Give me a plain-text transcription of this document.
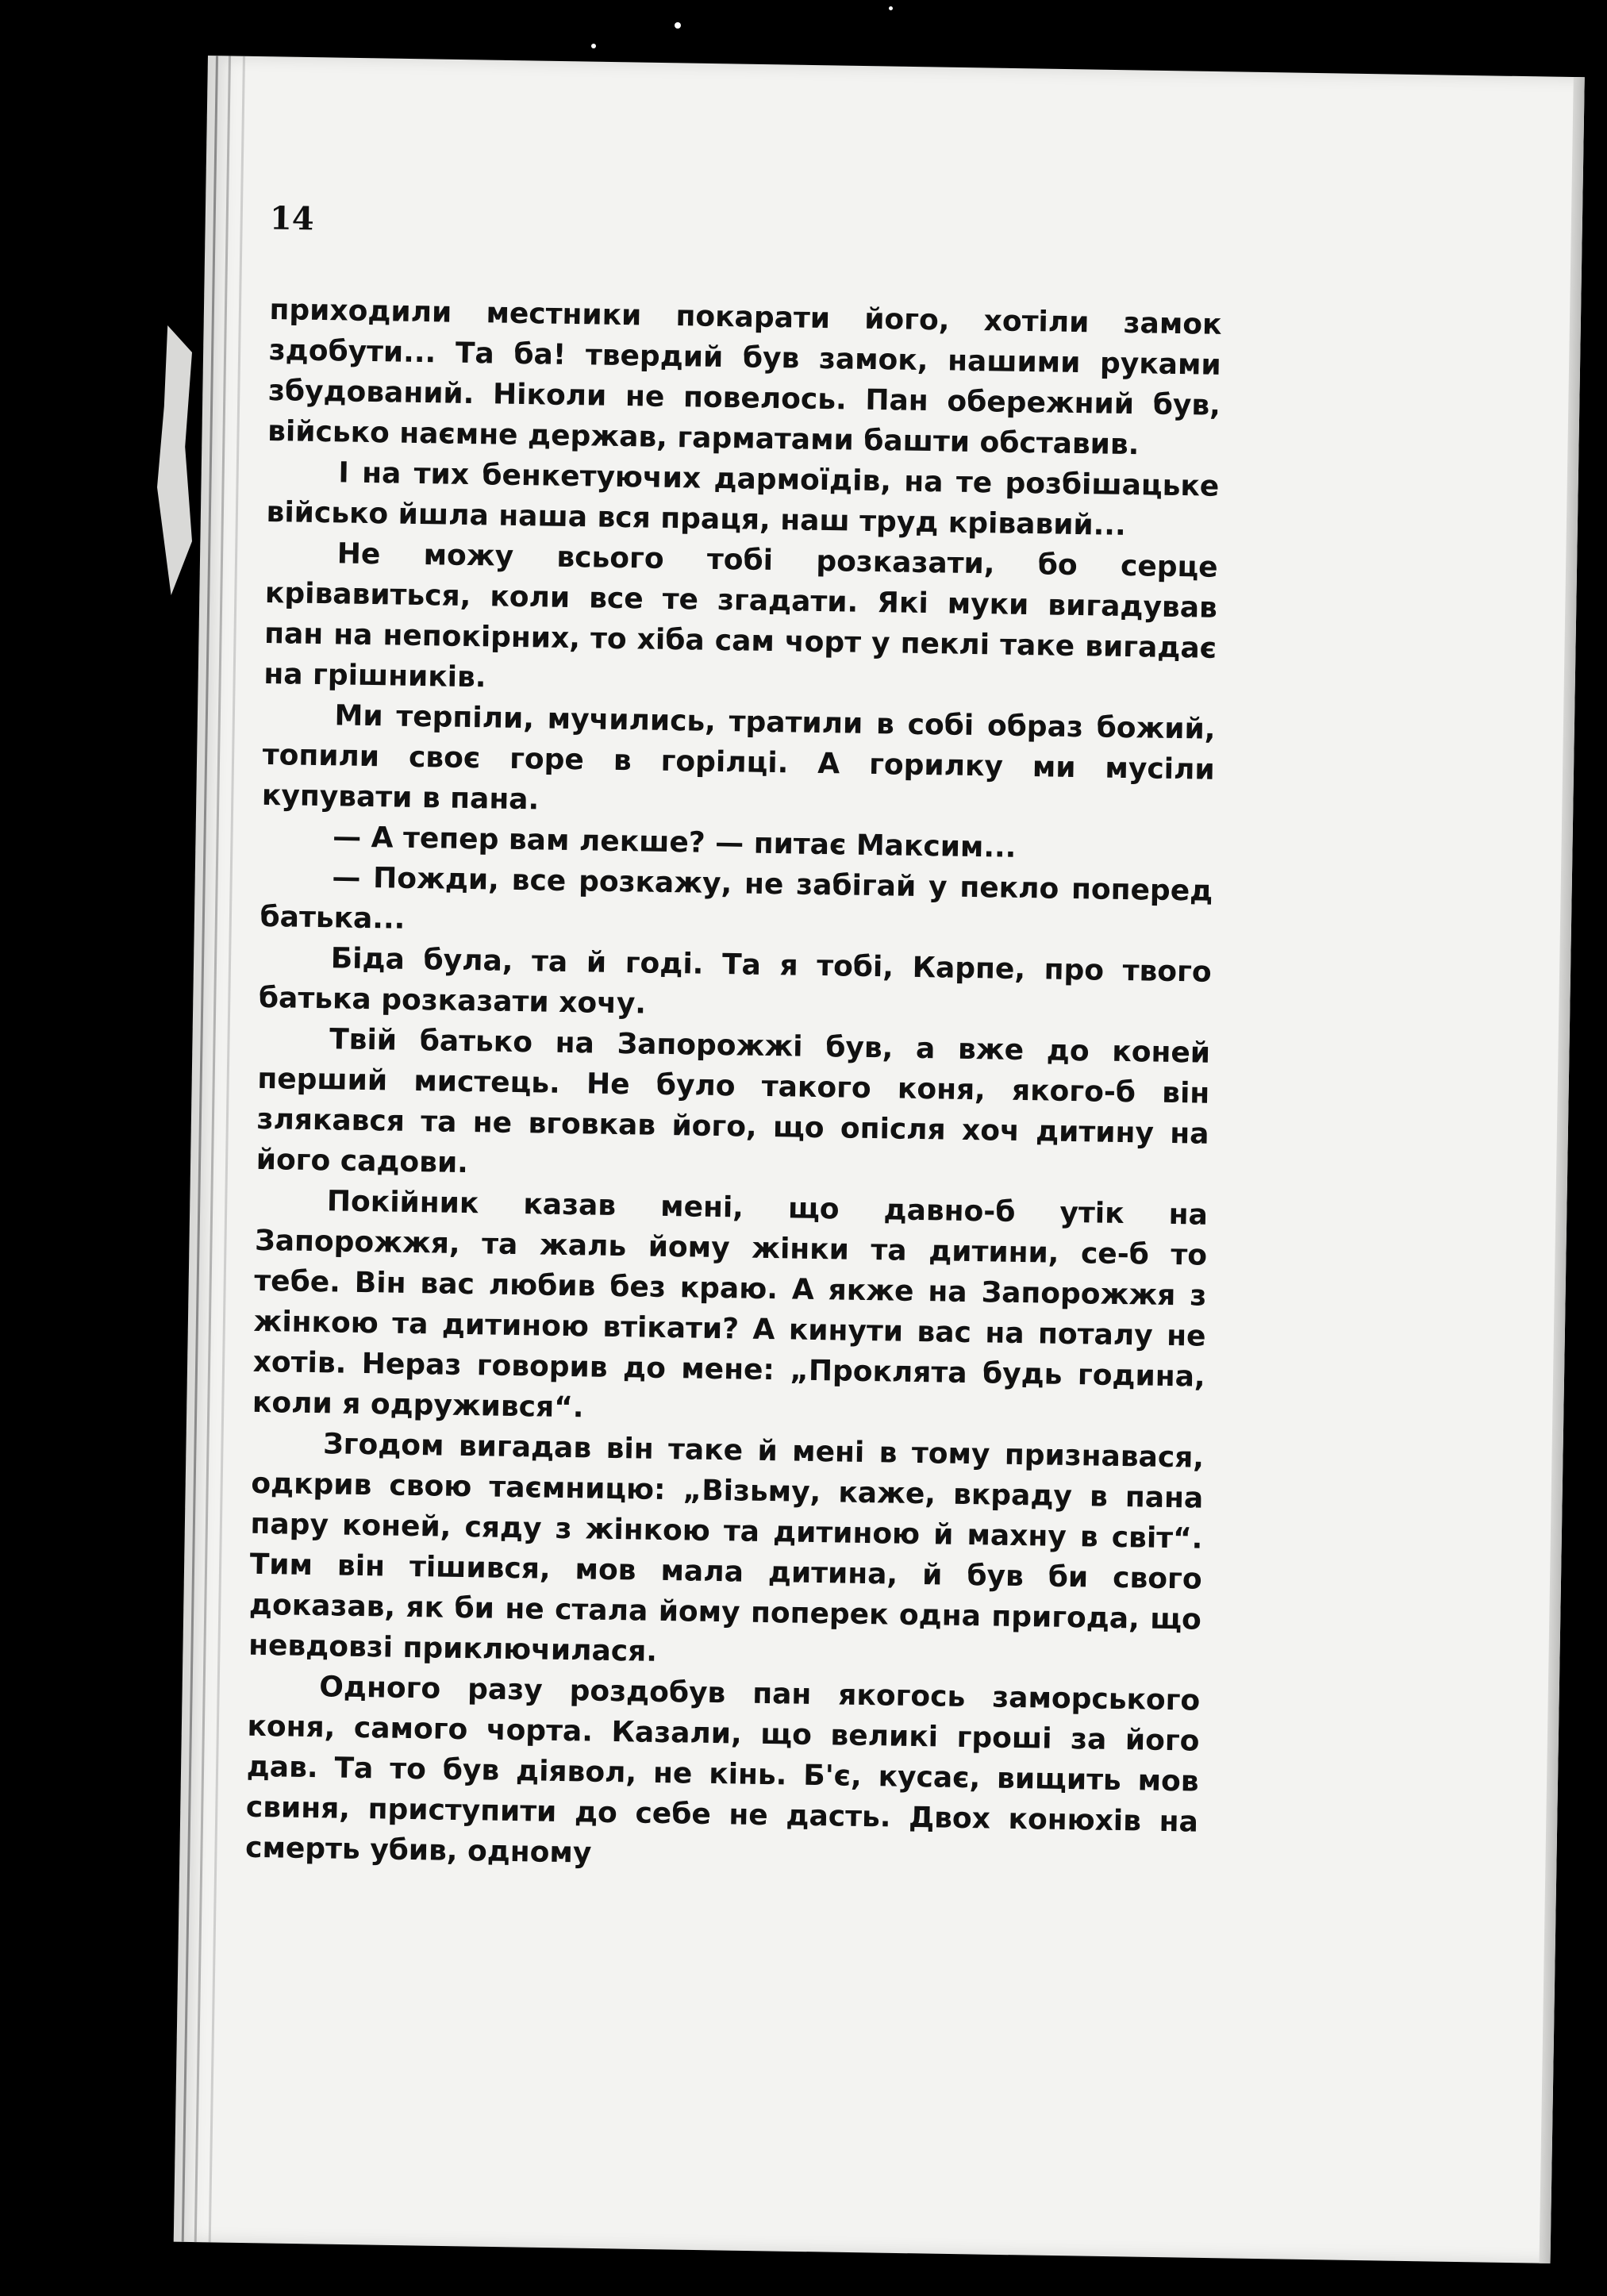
14

приходили местники покарати його, хотіли замок здобути... Та ба! твердий був замок, нашими руками збудований. Ніколи не повелось. Пан обережний був, військо наємне держав, гарматами башти обставив.

І на тих бенкетуючих дармоїдів, на те розбішацьке військо йшла наша вся праця, наш труд крівавий...

Не можу всього тобі розказати, бо серце крівавиться, коли все те згадати. Які муки вигадував пан на непокірних, то хіба сам чорт у пеклі таке вигадає на грішників.

Ми терпіли, мучились, тратили в собі образ божий, топили своє горе в горілці. А горилку ми мусіли купувати в пана.

— А тепер вам лекше? — питає Максим...

— Пожди, все розкажу, не забігай у пекло поперед батька...

Біда була, та й годі. Та я тобі, Карпе, про твого батька розказати хочу.

Твій батько на Запорожжі був, а вже до коней перший мистець. Не було такого коня, якого-б він злякався та не вговкав його, що опісля хоч дитину на його садови.

Покійник казав мені, що давно-б утік на Запорожжя, та жаль йому жінки та дитини, се-б то тебе. Він вас любив без краю. А якже на Запорожжя з жінкою та дитиною втікати? А кинути вас на поталу не хотів. Нераз говорив до мене: „Проклята будь година, коли я одружився“.

Згодом вигадав він таке й мені в тому признавася, одкрив свою таємницю: „Візьму, каже, вкраду в пана пару коней, сяду з жінкою та дитиною й махну в світ“. Тим він тішився, мов мала дитина, й був би свого доказав, як би не стала йому поперек одна пригода, що невдовзі приключилася.

Одного разу роздобув пан якогось заморського коня, самого чорта. Казали, що великі гроші за його дав. Та то був діявол, не кінь. Б'є, кусає, вищить мов свиня, приступити до себе не дасть. Двох конюхів на смерть убив, одному
